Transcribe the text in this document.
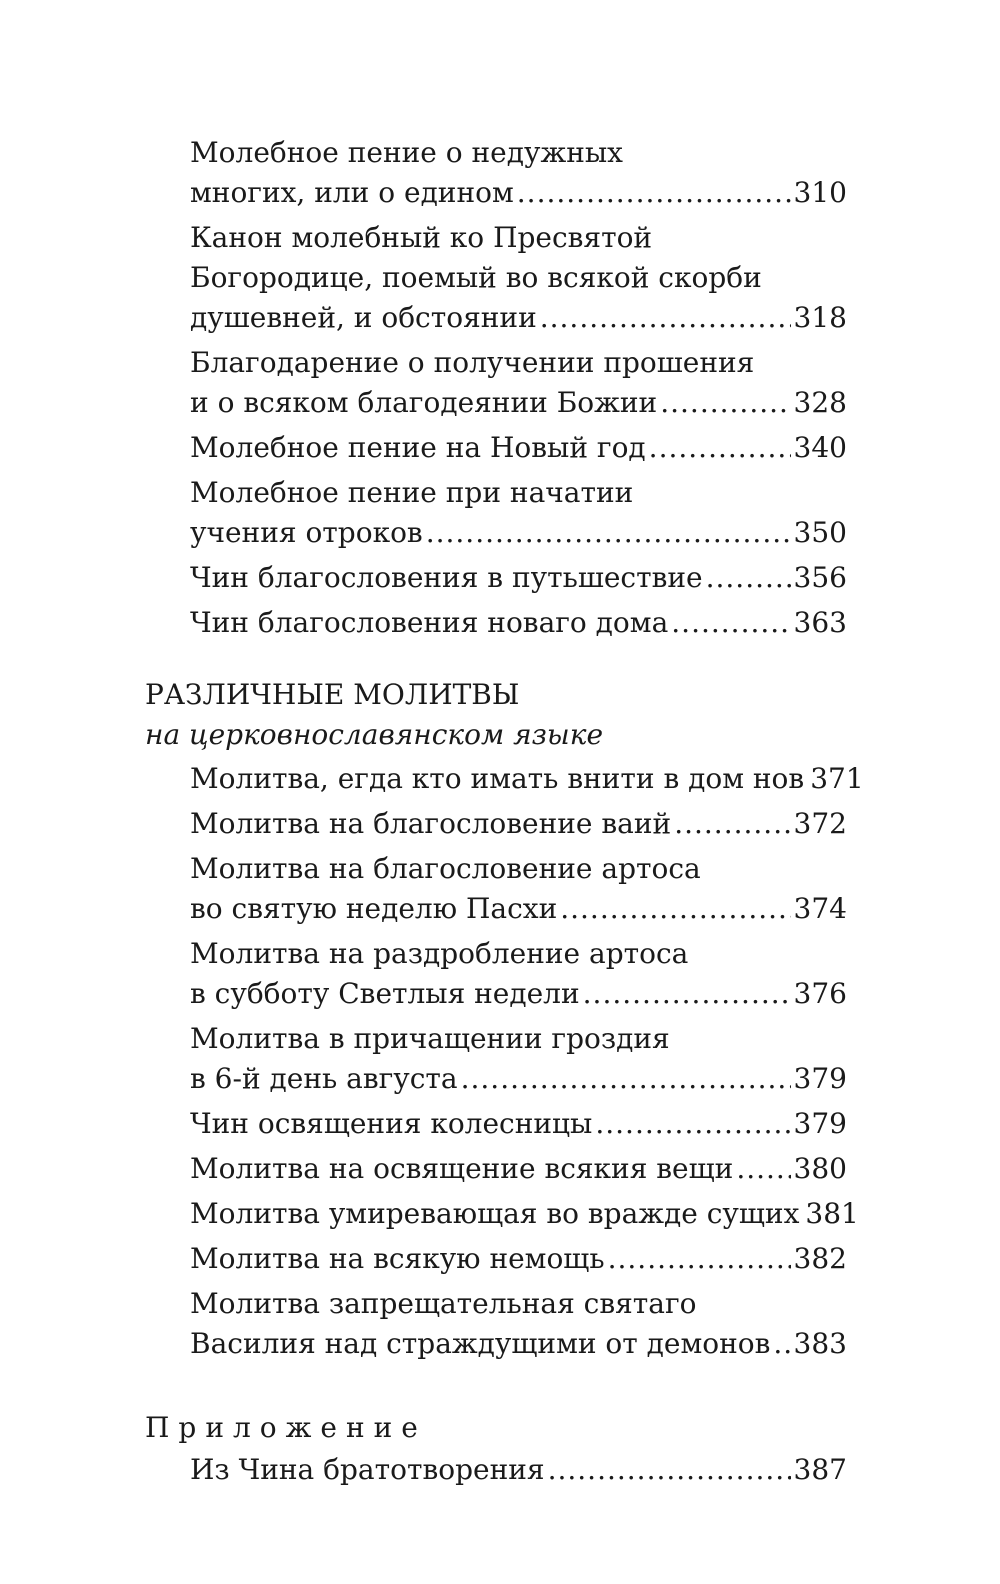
Молебное пение о недужных
многих, или о едином .....	310
Канон молебный ко Пресвятой
Богородице, поемый во всякой скорби
душевней, и обстоянии .....	318
Благодарение о получении прошения
и о всяком благодеянии Божии .....	328
Молебное пение на Новый год .....	340
Молебное пение при начатии
учения отроков .....	350
Чин благословения в путьшествие .....	356
Чин благословения новаго дома .....	363
РАЗЛИЧНЫЕ МОЛИТВЫ
на церковнославянском языке
Молитва, егда кто имать внити в дом нов 371
Молитва на благословение ваий .....	372
Молитва на благословение артоса
во святую неделю Пасхи .....	374
Молитва на раздробление артоса
в субботу Светлыя недели .....	376
Молитва в причащении гроздия
в 6-й день августа .....	379
Чин освящения колесницы .....	379
Молитва на освящение всякия вещи ..... 380
Молитва умиревающая во вражде сущих 381
Молитва на всякую немощь .....	382
Молитва запрещательная святаго
Василия над страждущими от демонов ..... 383
Приложение
Из Чина братотворения .....	387
